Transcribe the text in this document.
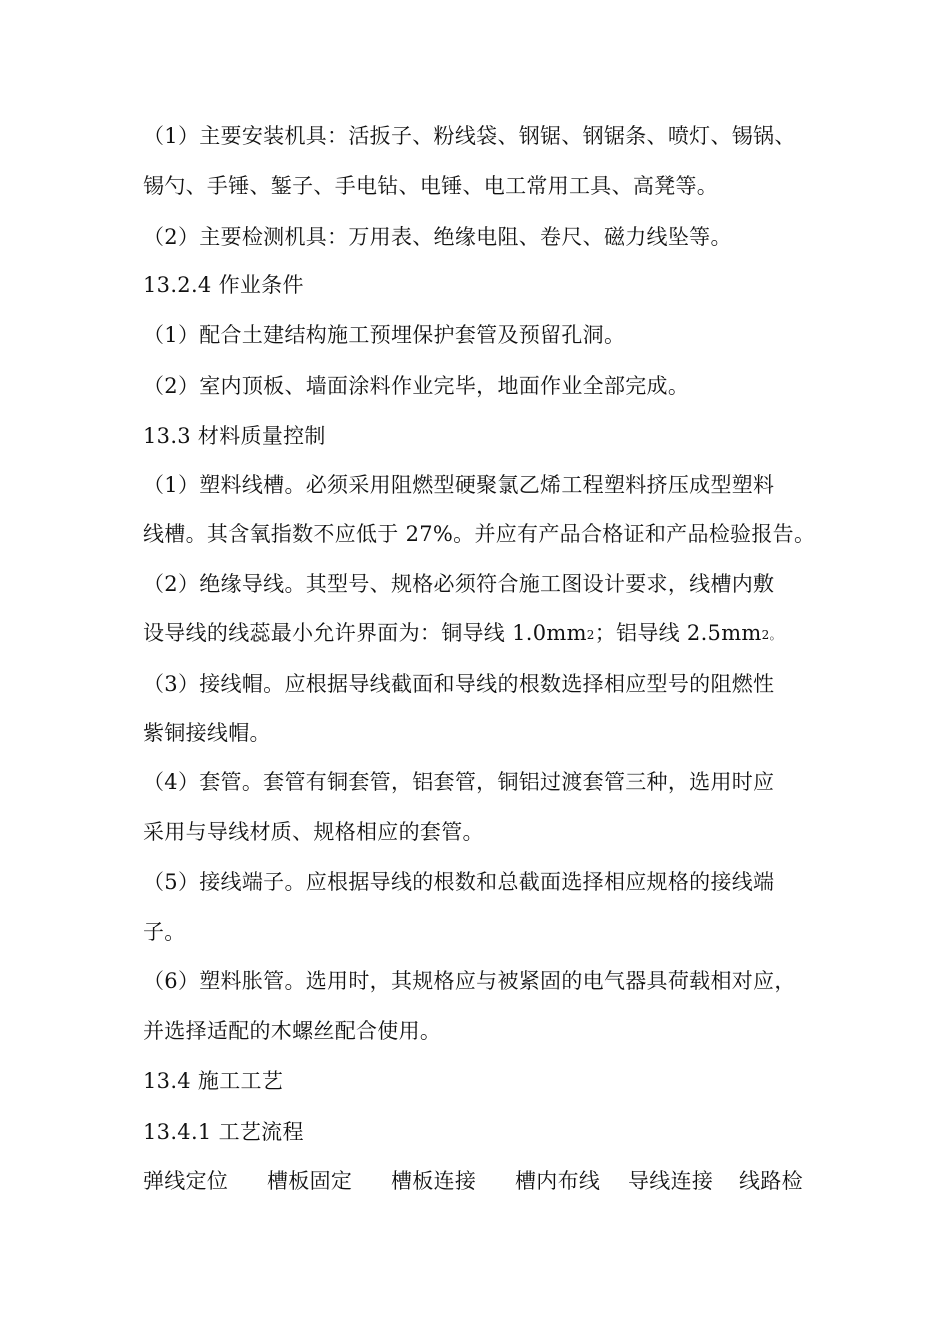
（1）主要安装机具：活扳子、粉线袋、钢锯、钢锯条、喷灯、锡锅、
锡勺、手锤、錾子、手电钻、电锤、电工常用工具、高凳等。
（2）主要检测机具：万用表、绝缘电阻、卷尺、磁力线坠等。
13.2.4 作业条件
（1）配合土建结构施工预埋保护套管及预留孔洞。
（2）室内顶板、墙面涂料作业完毕，地面作业全部完成。
13.3 材料质量控制
（1）塑料线槽。必须采用阻燃型硬聚氯乙烯工程塑料挤压成型塑料
线槽。其含氧指数不应低于 27%。并应有产品合格证和产品检验报告。
（2）绝缘导线。其型号、规格必须符合施工图设计要求，线槽内敷
设导线的线蕊最小允许界面为：铜导线 $1.0mm^2$；铝导线 $2.5mm^{2。}$
（3）接线帽。应根据导线截面和导线的根数选择相应型号的阻燃性
紫铜接线帽。
（4）套管。套管有铜套管，铝套管，铜铝过渡套管三种，选用时应
采用与导线材质、规格相应的套管。
（5）接线端子。应根据导线的根数和总截面选择相应规格的接线端
子。
（6）塑料胀管。选用时，其规格应与被紧固的电气器具荷载相对应，
并选择适配的木螺丝配合使用。
13.4 施工工艺
13.4.1 工艺流程
弹线定位 槽板固定 槽板连接 槽内布线 导线连接 线路检
